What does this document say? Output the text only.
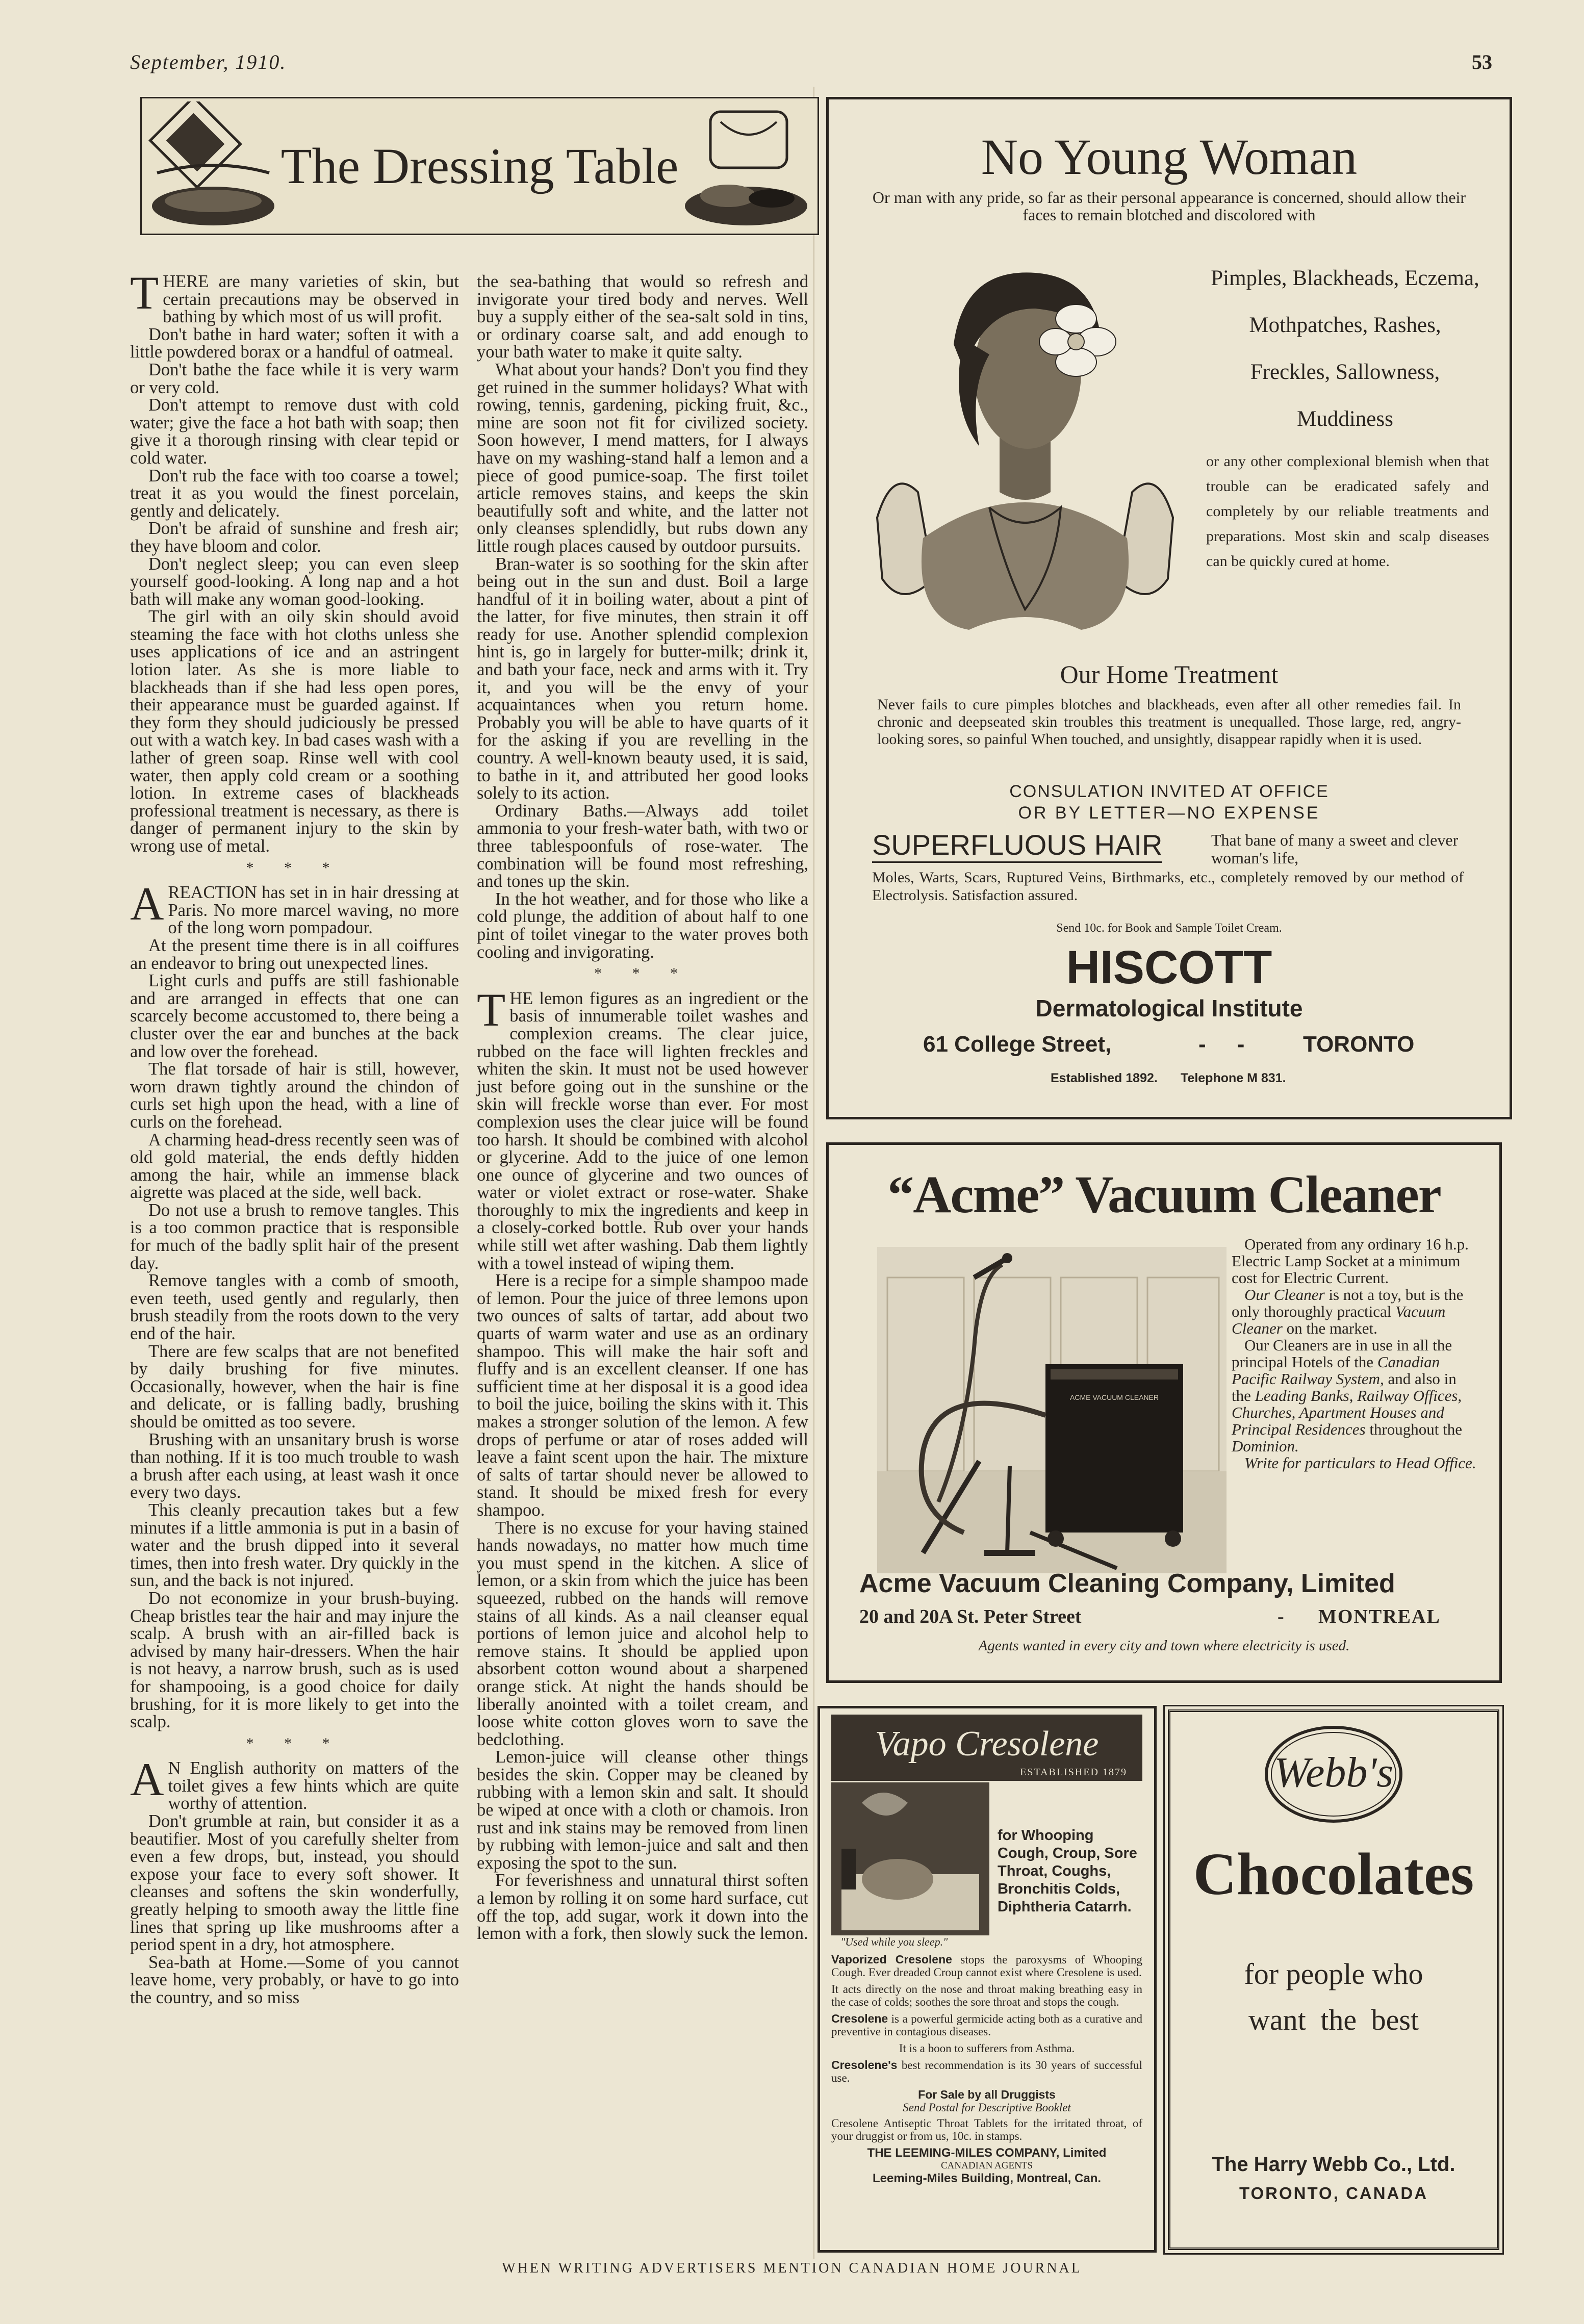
September, 1910.	53
The Dressing Table

THERE are many varieties of skin, but certain precautions may be observed in bathing by which most of us will profit.

Don't bathe in hard water; soften it with a little powdered borax or a handful of oatmeal.

Don't bathe the face while it is very warm or very cold.

Don't attempt to remove dust with cold water; give the face a hot bath with soap; then give it a thorough rinsing with clear tepid or cold water.

Don't rub the face with too coarse a towel; treat it as you would the finest porcelain, gently and delicately.

Don't be afraid of sunshine and fresh air; they have bloom and color.

Don't neglect sleep; you can even sleep yourself good-looking. A long nap and a hot bath will make any woman good-looking.

The girl with an oily skin should avoid steaming the face with hot cloths unless she uses applications of ice and an astringent lotion later. As she is more liable to blackheads than if she had less open pores, their appearance must be guarded against. If they form they should judiciously be pressed out with a watch key. In bad cases wash with a lather of green soap. Rinse well with cool water, then apply cold cream or a soothing lotion. In extreme cases of blackheads professional treatment is necessary, as there is danger of permanent injury to the skin by wrong use of metal.

* * *

AREACTION has set in in hair dressing at Paris. No more marcel waving, no more of the long worn pompadour.

At the present time there is in all coiffures an endeavor to bring out unexpected lines.

Light curls and puffs are still fashionable and are arranged in effects that one can scarcely become accustomed to, there being a cluster over the ear and bunches at the back and low over the forehead.

The flat torsade of hair is still, however, worn drawn tightly around the chindon of curls set high upon the head, with a line of curls on the forehead.

A charming head-dress recently seen was of old gold material, the ends deftly hidden among the hair, while an immense black aigrette was placed at the side, well back.

Do not use a brush to remove tangles. This is a too common practice that is responsible for much of the badly split hair of the present day.

Remove tangles with a comb of smooth, even teeth, used gently and regularly, then brush steadily from the roots down to the very end of the hair.

There are few scalps that are not benefited by daily brushing for five minutes. Occasionally, however, when the hair is fine and delicate, or is falling badly, brushing should be omitted as too severe.

Brushing with an unsanitary brush is worse than nothing. If it is too much trouble to wash a brush after each using, at least wash it once every two days.

This cleanly precaution takes but a few minutes if a little ammonia is put in a basin of water and the brush dipped into it several times, then into fresh water. Dry quickly in the sun, and the back is not injured.

Do not economize in your brush-buying. Cheap bristles tear the hair and may injure the scalp. A brush with an air-filled back is advised by many hair-dressers. When the hair is not heavy, a narrow brush, such as is used for shampooing, is a good choice for daily brushing, for it is more likely to get into the scalp.

* * *

A N English authority on matters of the toilet gives a few hints which are quite worthy of attention.

Don't grumble at rain, but consider it as a beautifier. Most of you carefully shelter from even a few drops, but, instead, you should expose your face to every soft shower. It cleanses and softens the skin wonderfully, greatly helping to smooth away the little fine lines that spring up like mushrooms after a period spent in a dry, hot atmosphere.

Sea-bath at Home.—Some of you cannot leave home, very probably, or have to go into the country, and so miss

the sea-bathing that would so refresh and invigorate your tired body and nerves. Well buy a supply either of the sea-salt sold in tins, or ordinary coarse salt, and add enough to your bath water to make it quite salty.

What about your hands? Don't you find they get ruined in the summer holidays? What with rowing, tennis, gardening, picking fruit, &c., mine are soon not fit for civilized society. Soon however, I mend matters, for I always have on my washing-stand half a lemon and a piece of good pumice-soap. The first toilet article removes stains, and keeps the skin beautifully soft and white, and the latter not only cleanses splendidly, but rubs down any little rough places caused by outdoor pursuits.

Bran-water is so soothing for the skin after being out in the sun and dust. Boil a large handful of it in boiling water, about a pint of the latter, for five minutes, then strain it off ready for use. Another splendid complexion hint is, go in largely for butter-milk; drink it, and bath your face, neck and arms with it. Try it, and you will be the envy of your acquaintances when you return home. Probably you will be able to have quarts of it for the asking if you are revelling in the country. A well-known beauty used, it is said, to bathe in it, and attributed her good looks solely to its action.

Ordinary Baths.—Always add toilet ammonia to your fresh-water bath, with two or three tablespoonfuls of rose-water. The combination will be found most refreshing, and tones up the skin.

In the hot weather, and for those who like a cold plunge, the addition of about half to one pint of toilet vinegar to the water proves both cooling and invigorating.

* * *

THE lemon figures as an ingredient or the basis of innumerable toilet washes and complexion creams. The clear juice, rubbed on the face will lighten freckles and whiten the skin. It must not be used however just before going out in the sunshine or the skin will freckle worse than ever. For most complexion uses the clear juice will be found too harsh. It should be combined with alcohol or glycerine. Add to the juice of one lemon one ounce of glycerine and two ounces of water or violet extract or rose-water. Shake thoroughly to mix the ingredients and keep in a closely-corked bottle. Rub over your hands while still wet after washing. Dab them lightly with a towel instead of wiping them.

Here is a recipe for a simple shampoo made of lemon. Pour the juice of three lemons upon two ounces of salts of tartar, add about two quarts of warm water and use as an ordinary shampoo. This will make the hair soft and fluffy and is an excellent cleanser. If one has sufficient time at her disposal it is a good idea to boil the juice, boiling the skins with it. This makes a stronger solution of the lemon. A few drops of perfume or atar of roses added will leave a faint scent upon the hair. The mixture of salts of tartar should never be allowed to stand. It should be mixed fresh for every shampoo.

There is no excuse for your having stained hands nowadays, no matter how much time you must spend in the kitchen. A slice of lemon, or a skin from which the juice has been squeezed, rubbed on the hands will remove stains of all kinds. As a nail cleanser equal portions of lemon juice and alcohol help to remove stains. It should be applied upon absorbent cotton wound about a sharpened orange stick. At night the hands should be liberally anointed with a toilet cream, and loose white cotton gloves worn to save the bedclothing.

Lemon-juice will cleanse other things besides the skin. Copper may be cleaned by rubbing with a lemon skin and salt. It should be wiped at once with a cloth or chamois. Iron rust and ink stains may be removed from linen by rubbing with lemon-juice and salt and then exposing the spot to the sun.

For feverishness and unnatural thirst soften a lemon by rolling it on some hard surface, cut off the top, add sugar, work it down into the lemon with a fork, then slowly suck the lemon.

No Young Woman
Or man with any pride, so far as their personal appearance is concerned, should allow their faces to remain blotched and discolored with
Pimples, Blackheads, Eczema,
Mothpatches, Rashes,
Freckles, Sallowness,
Muddiness
or any other complexional blemish when that trouble can be eradicated safely and completely by our reliable treatments and preparations. Most skin and scalp diseases can be quickly cured at home.
Our Home Treatment
Never fails to cure pimples blotches and blackheads, even after all other remedies fail. In chronic and deepseated skin troubles this treatment is unequalled. Those large, red, angry-looking sores, so painful When touched, and unsightly, disappear rapidly when it is used.
CONSULATION INVITED AT OFFICE
OR BY LETTER—NO EXPENSE
SUPERFLUOUS HAIR	That bane of many a sweet and clever woman's life,
Moles, Warts, Scars, Ruptured Veins, Birthmarks, etc., completely removed by our method of Electrolysis. Satisfaction assured.
Send 10c. for Book and Sample Toilet Cream.
HISCOTT
Dermatological Institute
61 College Street,	-     -	TORONTO
Established 1892. Telephone M 831.
“Acme” Vacuum Cleaner
ACME VACUUM CLEANER

Operated from any ordinary 16 h.p. Electric Lamp Socket at a minimum cost for Electric Current.

Our Cleaner is not a toy, but is the only thoroughly practical Vacuum Cleaner on the market.

Our Cleaners are in use in all the principal Hotels of the Canadian Pacific Railway System, and also in the Leading Banks, Railway Offices, Churches, Apartment Houses and Principal Residences throughout the Dominion.

Write for particulars to Head Office.

Acme Vacuum Cleaning Company, Limited
20 and 20A St. Peter Street	- MONTREAL
Agents wanted in every city and town where electricity is used.
Vapo Cresolene
ESTABLISHED 1879
for Whooping Cough, Croup, Sore Throat, Coughs, Bronchitis Colds, Diphtheria Catarrh.
"Used while you sleep."

Vaporized Cresolene stops the paroxysms of Whooping Cough. Ever dreaded Croup cannot exist where Cresolene is used.

It acts directly on the nose and throat making breathing easy in the case of colds; soothes the sore throat and stops the cough.

Cresolene is a powerful germicide acting both as a curative and preventive in contagious diseases.

It is a boon to sufferers from Asthma.

Cresolene's best recommendation is its 30 years of successful use.

For Sale by all Druggists

Send Postal for Descriptive Booklet

Cresolene Antiseptic Throat Tablets for the irritated throat, of your druggist or from us, 10c. in stamps.

THE LEEMING-MILES COMPANY, Limited

CANADIAN AGENTS

Leeming-Miles Building, Montreal, Can.

Webb's
Chocolates
for people who
want the best
The Harry Webb Co., Ltd.
TORONTO, CANADA
WHEN WRITING ADVERTISERS MENTION CANADIAN HOME JOURNAL
